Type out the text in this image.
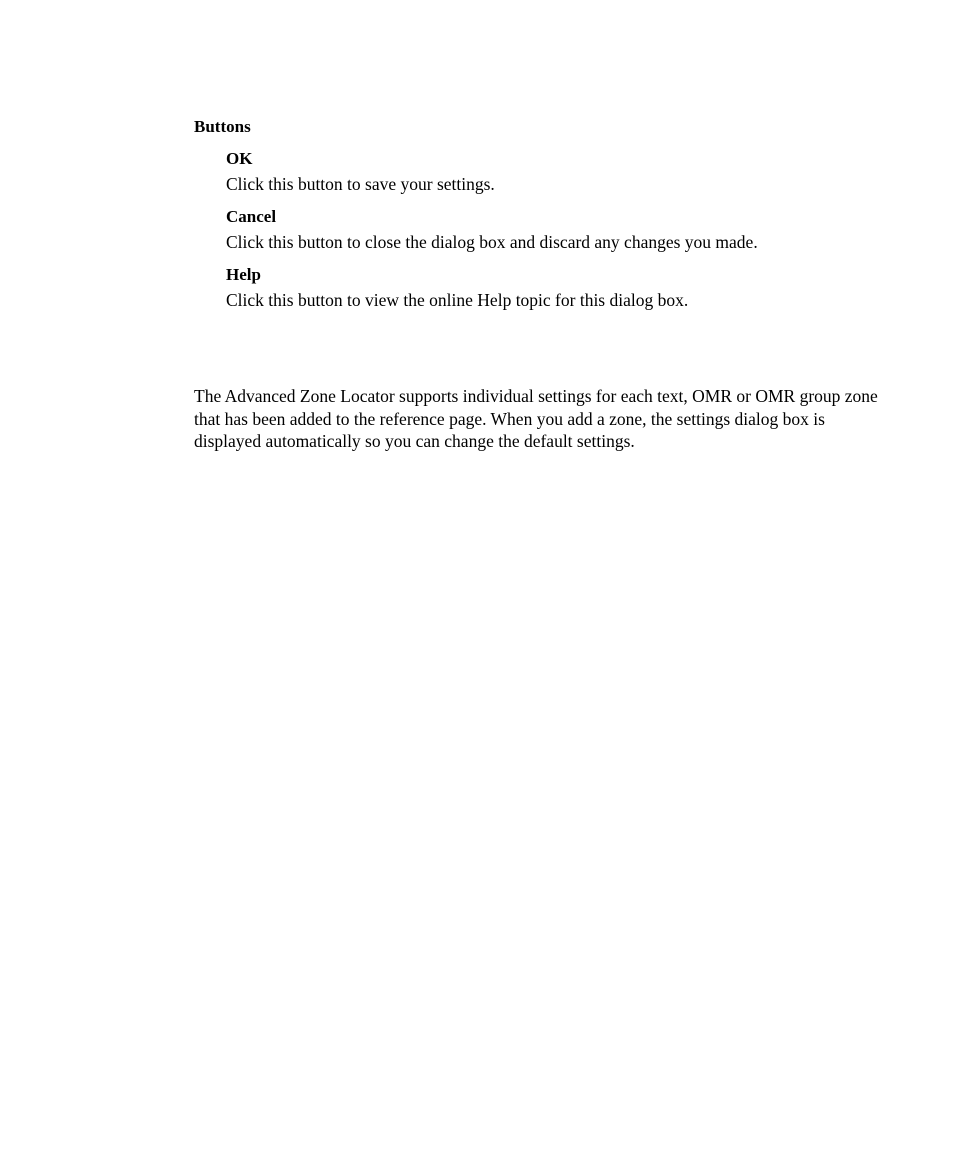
Buttons
OK
Click this button to save your settings.
Cancel
Click this button to close the dialog box and discard any changes you made.
Help
Click this button to view the online Help topic for this dialog box.

The Advanced Zone Locator supports individual settings for each text, OMR or OMR group zone that has been added to the reference page. When you add a zone, the settings dialog box is displayed automatically so you can change the default settings.
